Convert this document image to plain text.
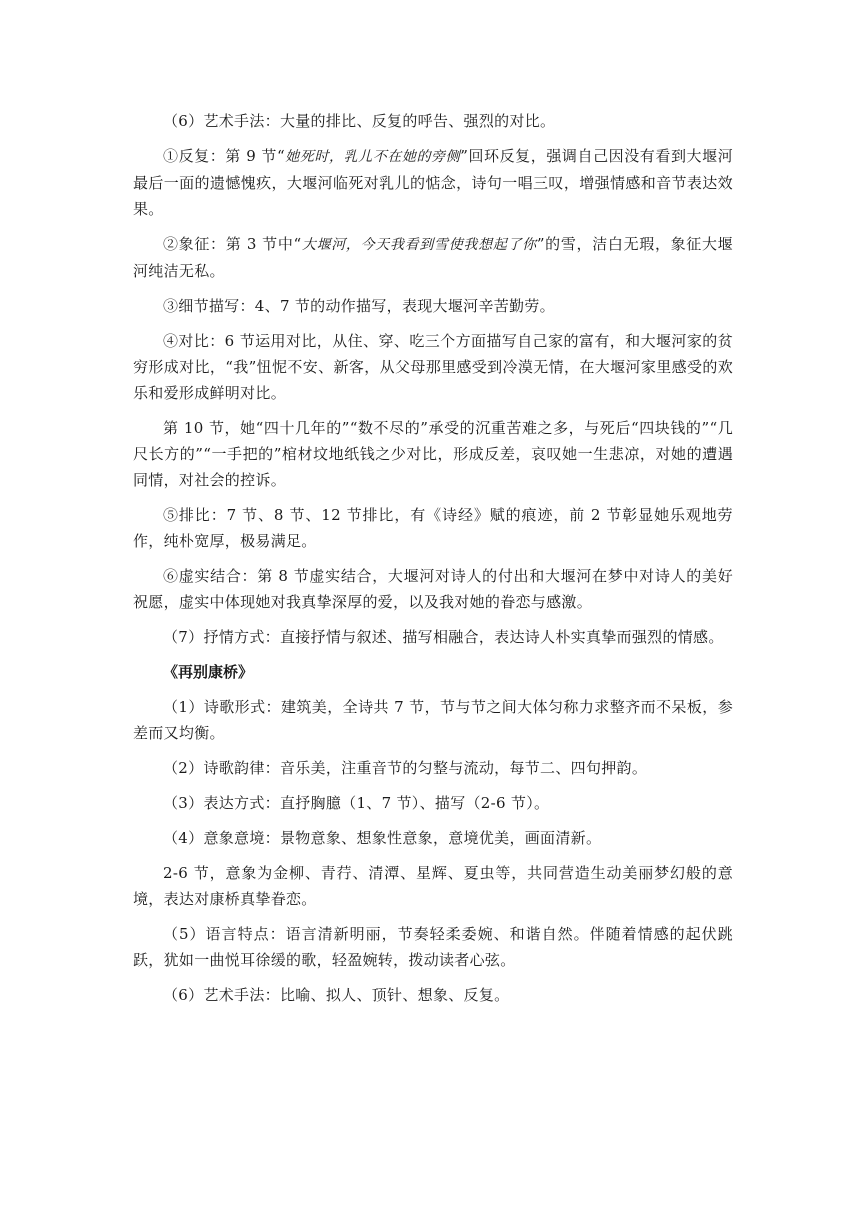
（6）艺术手法：大量的排比、反复的呼告、强烈的对比。

①反复：第 9 节“她死时，乳儿不在她的旁侧”回环反复，强调自己因没有看到大堰河最后一面的遗憾愧疚，大堰河临死对乳儿的惦念，诗句一唱三叹，增强情感和音节表达效果。

②象征：第 3 节中“大堰河，今天我看到雪使我想起了你”的雪，洁白无瑕，象征大堰河纯洁无私。

③细节描写：4、7 节的动作描写，表现大堰河辛苦勤劳。

④对比：6 节运用对比，从住、穿、吃三个方面描写自己家的富有，和大堰河家的贫穷形成对比，“我”忸怩不安、新客，从父母那里感受到冷漠无情，在大堰河家里感受的欢乐和爱形成鲜明对比。

第 10 节，她“四十几年的”“数不尽的”承受的沉重苦难之多，与死后“四块钱的”“几尺长方的”“一手把的”棺材坟地纸钱之少对比，形成反差，哀叹她一生悲凉，对她的遭遇同情，对社会的控诉。

⑤排比：7 节、8 节、12 节排比，有《诗经》赋的痕迹，前 2 节彰显她乐观地劳作，纯朴宽厚，极易满足。

⑥虚实结合：第 8 节虚实结合，大堰河对诗人的付出和大堰河在梦中对诗人的美好祝愿，虚实中体现她对我真挚深厚的爱，以及我对她的眷恋与感激。

（7）抒情方式：直接抒情与叙述、描写相融合，表达诗人朴实真挚而强烈的情感。

《再别康桥》

（1）诗歌形式：建筑美，全诗共 7 节，节与节之间大体匀称力求整齐而不呆板，参差而又均衡。

（2）诗歌韵律：音乐美，注重音节的匀整与流动，每节二、四句押韵。

（3）表达方式：直抒胸臆（1、7 节）、描写（2-6 节）。

（4）意象意境：景物意象、想象性意象，意境优美，画面清新。

2-6 节，意象为金柳、青荇、清潭、星辉、夏虫等，共同营造生动美丽梦幻般的意境，表达对康桥真挚眷恋。

（5）语言特点：语言清新明丽，节奏轻柔委婉、和谐自然。伴随着情感的起伏跳跃，犹如一曲悦耳徐缓的歌，轻盈婉转，拨动读者心弦。

（6）艺术手法：比喻、拟人、顶针、想象、反复。
